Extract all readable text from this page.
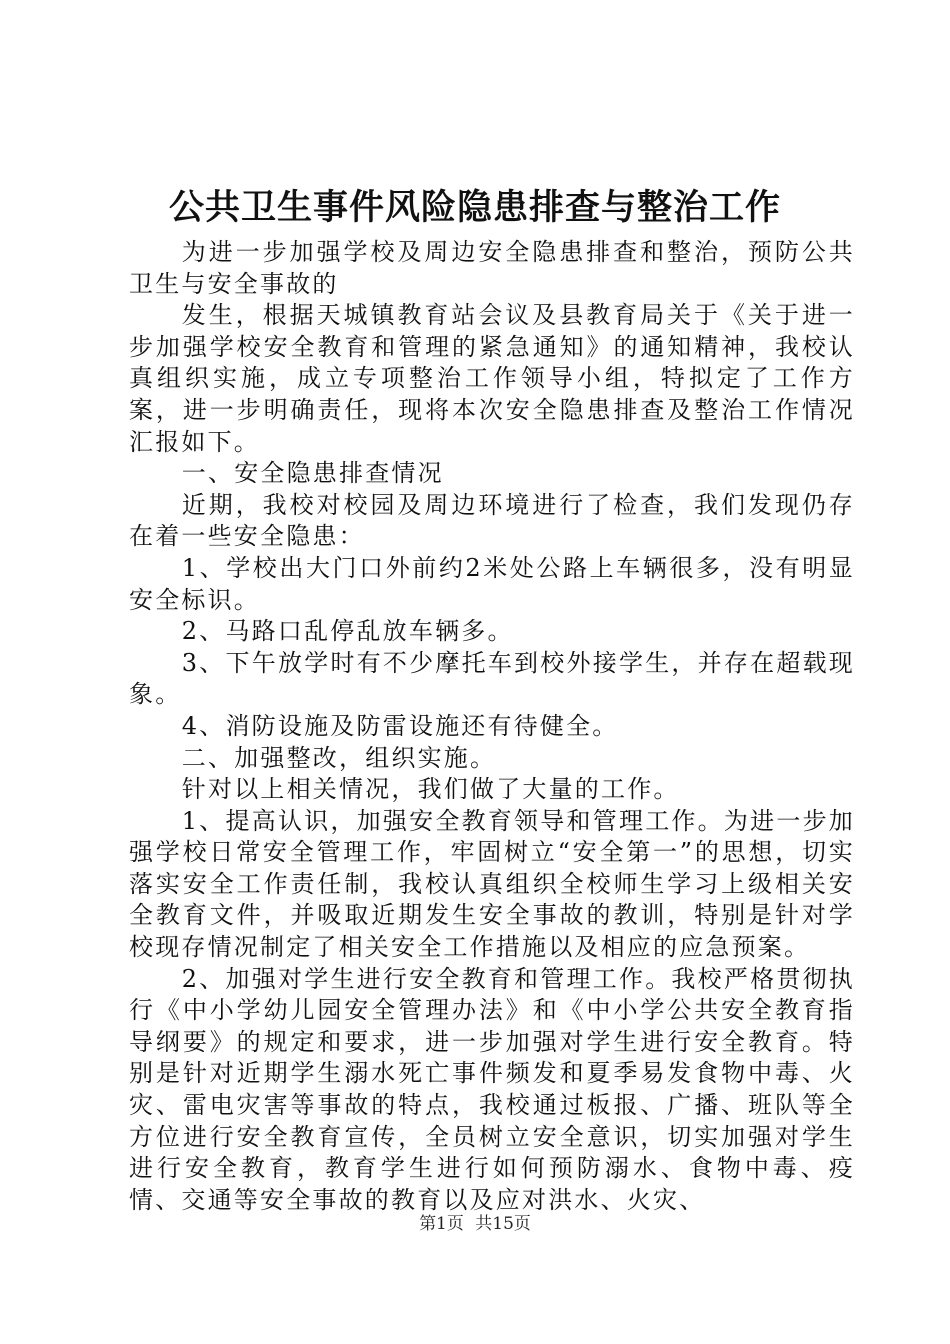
公共卫生事件风险隐患排查与整治工作

为进一步加强学校及周边安全隐患排查和整治，预防公共卫生与安全事故的

发生，根据天城镇教育站会议及县教育局关于《关于进一步加强学校安全教育和管理的紧急通知》的通知精神，我校认真组织实施，成立专项整治工作领导小组，特拟定了工作方案，进一步明确责任，现将本次安全隐患排查及整治工作情况汇报如下。

一、安全隐患排查情况

近期，我校对校园及周边环境进行了检查，我们发现仍存在着一些安全隐患：

1、学校出大门口外前约2米处公路上车辆很多，没有明显安全标识。

2、马路口乱停乱放车辆多。

3、下午放学时有不少摩托车到校外接学生，并存在超载现象。

4、消防设施及防雷设施还有待健全。

二、加强整改，组织实施。

针对以上相关情况，我们做了大量的工作。

1、提高认识，加强安全教育领导和管理工作。为进一步加强学校日常安全管理工作，牢固树立“安全第一”的思想，切实落实安全工作责任制，我校认真组织全校师生学习上级相关安全教育文件，并吸取近期发生安全事故的教训，特别是针对学校现存情况制定了相关安全工作措施以及相应的应急预案。

2、加强对学生进行安全教育和管理工作。我校严格贯彻执行《中小学幼儿园安全管理办法》和《中小学公共安全教育指导纲要》的规定和要求，进一步加强对学生进行安全教育。特别是针对近期学生溺水死亡事件频发和夏季易发食物中毒、火灾、雷电灾害等事故的特点，我校通过板报、广播、班队等全方位进行安全教育宣传，全员树立安全意识，切实加强对学生进行安全教育，教育学生进行如何预防溺水、食物中毒、疫情、交通等安全事故的教育以及应对洪水、火灾、

第1页 共15页
